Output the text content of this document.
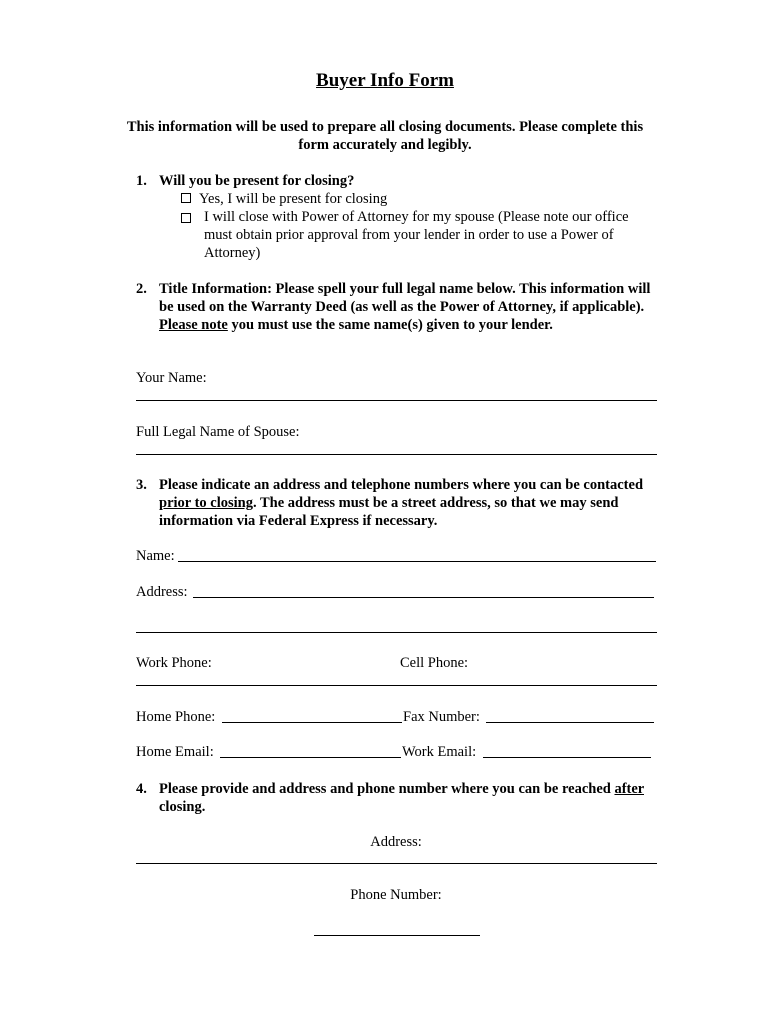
Buyer Info Form
This information will be used to prepare all closing documents. Please complete this form accurately and legibly.
1. Will you be present for closing?
Yes, I will be present for closing
I will close with Power of Attorney for my spouse (Please note our office must obtain prior approval from your lender in order to use a Power of Attorney)
2. Title Information: Please spell your full legal name below. This information will be used on the Warranty Deed (as well as the Power of Attorney, if applicable). Please note you must use the same name(s) given to your lender.
Your Name:
Full Legal Name of Spouse:
3. Please indicate an address and telephone numbers where you can be contacted prior to closing. The address must be a street address, so that we may send information via Federal Express if necessary.
Name:
Address:
Work Phone:	Cell Phone:
Home Phone:	Fax Number:
Home Email:	Work Email:
4. Please provide and address and phone number where you can be reached after closing.
Address:
Phone Number:
